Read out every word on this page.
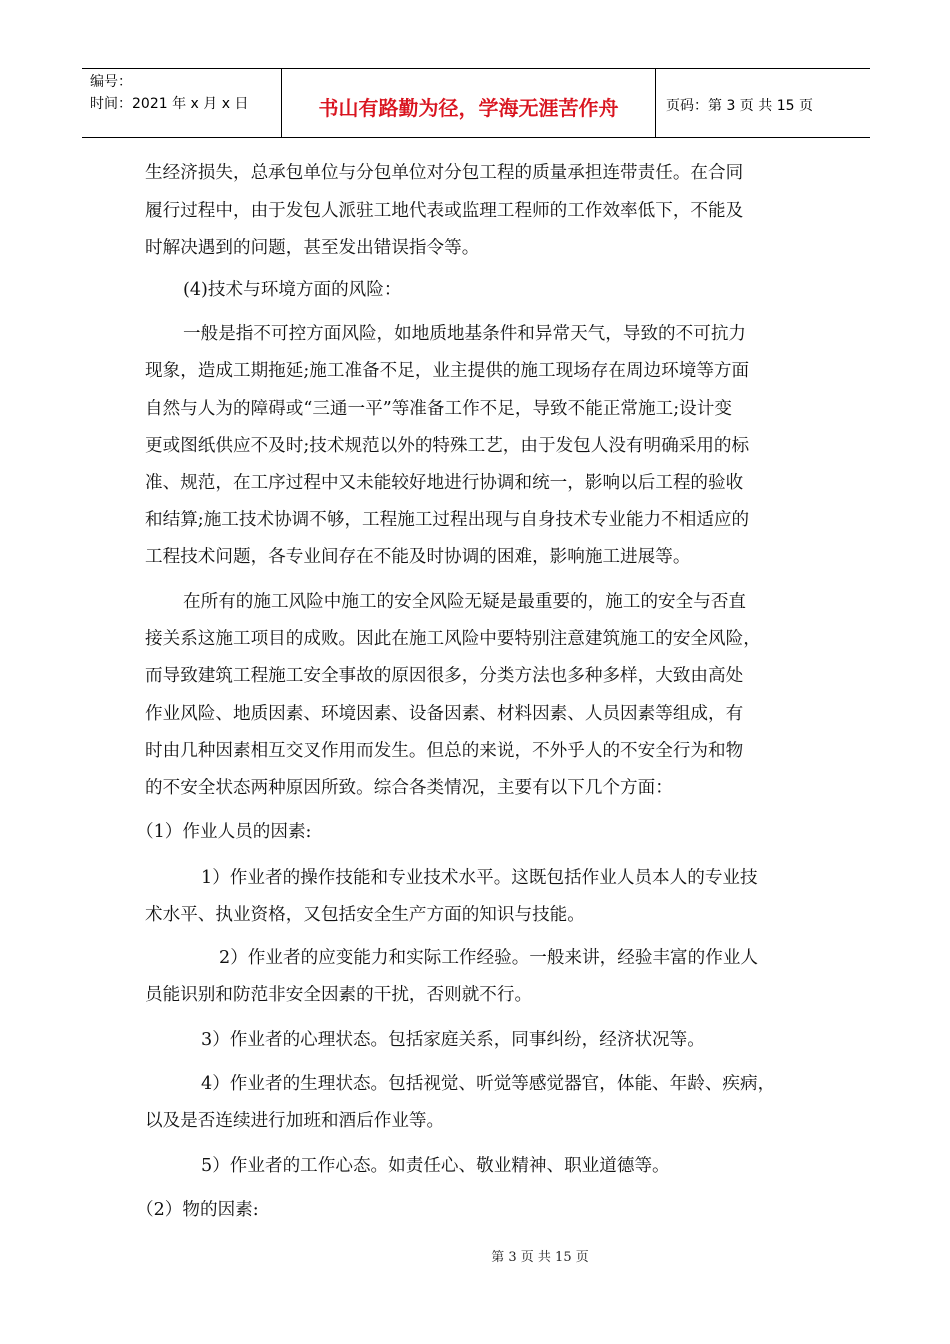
编号：
时间：2021 年 x 月 x 日	书山有路勤为径，学海无涯苦作舟	页码：第 3 页 共 15 页
生经济损失，总承包单位与分包单位对分包工程的质量承担连带责任。在合同
履行过程中，由于发包人派驻工地代表或监理工程师的工作效率低下，不能及
时解决遇到的问题，甚至发出错误指令等。
(4)技术与环境方面的风险：
一般是指不可控方面风险，如地质地基条件和异常天气，导致的不可抗力
现象，造成工期拖延;施工准备不足，业主提供的施工现场存在周边环境等方面
自然与人为的障碍或“三通一平”等准备工作不足，导致不能正常施工;设计变
更或图纸供应不及时;技术规范以外的特殊工艺，由于发包人没有明确采用的标
准、规范，在工序过程中又未能较好地进行协调和统一，影响以后工程的验收
和结算;施工技术协调不够，工程施工过程出现与自身技术专业能力不相适应的
工程技术问题，各专业间存在不能及时协调的困难，影响施工进展等。
在所有的施工风险中施工的安全风险无疑是最重要的，施工的安全与否直
接关系这施工项目的成败。因此在施工风险中要特别注意建筑施工的安全风险，
而导致建筑工程施工安全事故的原因很多，分类方法也多种多样，大致由高处
作业风险、地质因素、环境因素、设备因素、材料因素、人员因素等组成，有
时由几种因素相互交叉作用而发生。但总的来说，不外乎人的不安全行为和物
的不安全状态两种原因所致。综合各类情况，主要有以下几个方面：
（1）作业人员的因素:
1）作业者的操作技能和专业技术水平。这既包括作业人员本人的专业技
术水平、执业资格，又包括安全生产方面的知识与技能。
2）作业者的应变能力和实际工作经验。一般来讲，经验丰富的作业人
员能识别和防范非安全因素的干扰，否则就不行。
3）作业者的心理状态。包括家庭关系，同事纠纷，经济状况等。
4）作业者的生理状态。包括视觉、听觉等感觉器官，体能、年龄、疾病，
以及是否连续进行加班和酒后作业等。
5）作业者的工作心态。如责任心、敬业精神、职业道德等。
（2）物的因素:
第 3 页 共 15 页
